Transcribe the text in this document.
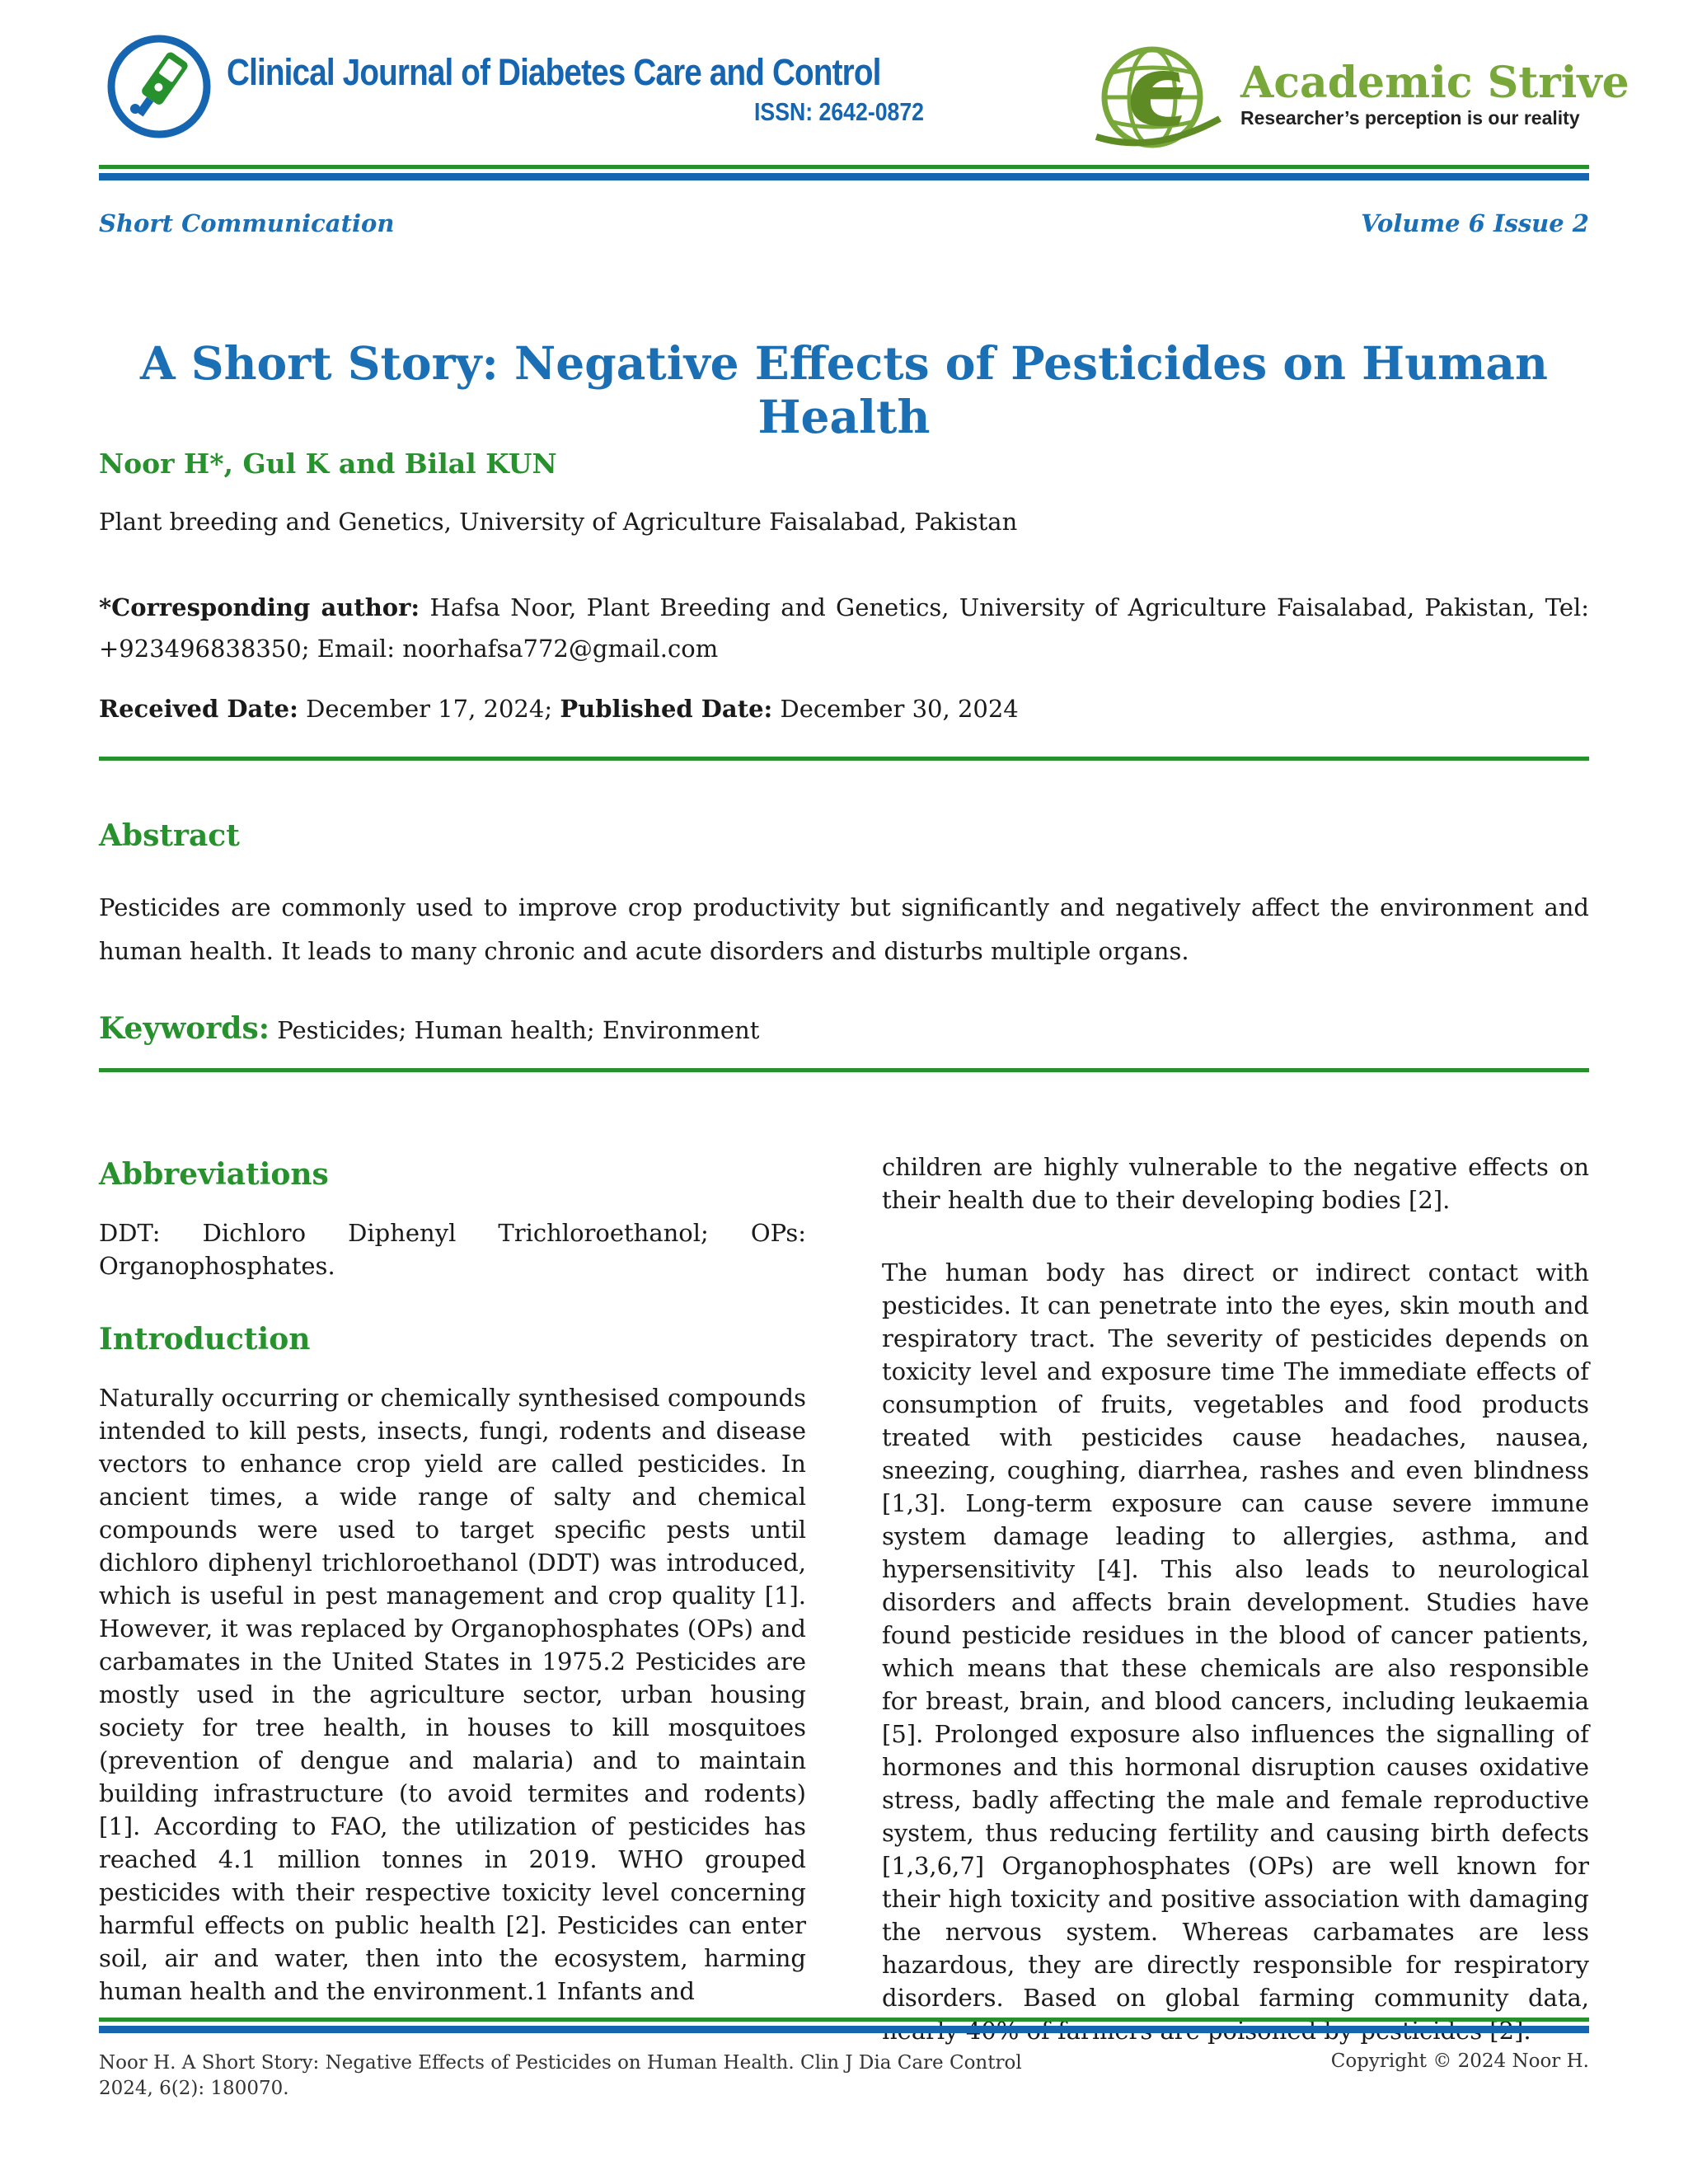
Clinical Journal of Diabetes Care and Control
ISSN: 2642-0872
Academic Strive
Researcher’s perception is our reality
Short Communication	Volume 6 Issue 2
A Short Story: Negative Effects of Pesticides on Human Health
Noor H*, Gul K and Bilal KUN
Plant breeding and Genetics, University of Agriculture Faisalabad, Pakistan
*Corresponding author: Hafsa Noor, Plant Breeding and Genetics, University of Agriculture Faisalabad, Pakistan, Tel: +923496838350; Email: noorhafsa772@gmail.com
Received Date: December 17, 2024; Published Date: December 30, 2024
Abstract
Pesticides are commonly used to improve crop productivity but significantly and negatively affect the environment and human health. It leads to many chronic and acute disorders and disturbs multiple organs.
Keywords: Pesticides; Human health; Environment
Abbreviations
DDT: Dichloro Diphenyl Trichloroethanol; OPs: Organophosphates.
Introduction
Naturally occurring or chemically synthesised compounds intended to kill pests, insects, fungi, rodents and disease vectors to enhance crop yield are called pesticides. In ancient times, a wide range of salty and chemical compounds were used to target specific pests until dichloro diphenyl trichloroethanol (DDT) was introduced, which is useful in pest management and crop quality [1]. However, it was replaced by Organophosphates (OPs) and carbamates in the United States in 1975.2 Pesticides are mostly used in the agriculture sector, urban housing society for tree health, in houses to kill mosquitoes (prevention of dengue and malaria) and to maintain building infrastructure (to avoid termites and rodents) [1]. According to FAO, the utilization of pesticides has reached 4.1 million tonnes in 2019. WHO grouped pesticides with their respective toxicity level concerning harmful effects on public health [2]. Pesticides can enter soil, air and water, then into the ecosystem, harming human health and the environment.1 Infants and
children are highly vulnerable to the negative effects on their health due to their developing bodies [2].
The human body has direct or indirect contact with pesticides. It can penetrate into the eyes, skin mouth and respiratory tract. The severity of pesticides depends on toxicity level and exposure time The immediate effects of consumption of fruits, vegetables and food products treated with pesticides cause headaches, nausea, sneezing, coughing, diarrhea, rashes and even blindness [1,3]. Long-term exposure can cause severe immune system damage leading to allergies, asthma, and hypersensitivity [4]. This also leads to neurological disorders and affects brain development. Studies have found pesticide residues in the blood of cancer patients, which means that these chemicals are also responsible for breast, brain, and blood cancers, including leukaemia [5]. Prolonged exposure also influences the signalling of hormones and this hormonal disruption causes oxidative stress, badly affecting the male and female reproductive system, thus reducing fertility and causing birth defects [1,3,6,7] Organophosphates (OPs) are well known for their high toxicity and positive association with damaging the nervous system. Whereas carbamates are less hazardous, they are directly responsible for respiratory disorders. Based on global farming community data,
Noor H. A Short Story: Negative Effects of Pesticides on Human Health. Clin J Dia Care Control 2024, 6(2): 180070.
Copyright © 2024 Noor H.
